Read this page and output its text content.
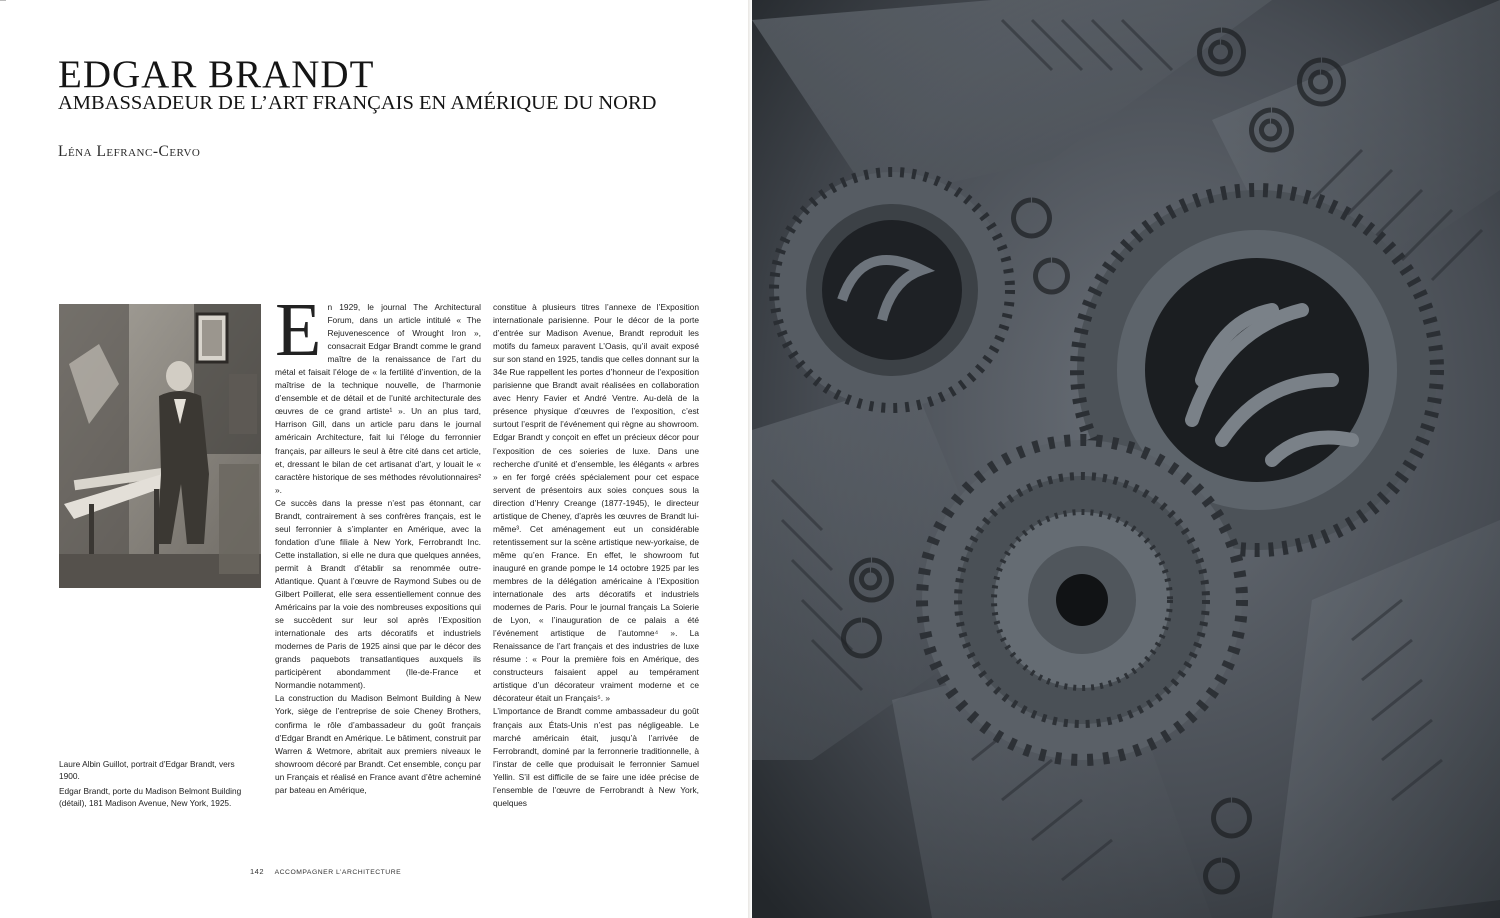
EDGAR BRANDT
AMBASSADEUR DE L’ART FRANÇAIS EN AMÉRIQUE DU NORD
Léna Lefranc-Cervo

Laure Albin Guillot, portrait d’Edgar Brandt, vers 1900.

Edgar Brandt, porte du Madison Belmont Building (détail), 181 Madison Avenue, New York, 1925.

E n 1929, le journal The Architectural Forum, dans un article intitulé « The Rejuvenescence of Wrought Iron », consacrait Edgar Brandt comme le grand maître de la renaissance de l’art du métal et faisait l’éloge de « la fertilité d’invention, de la maîtrise de la technique nouvelle, de l’harmonie d’ensemble et de détail et de l’unité architecturale des œuvres de ce grand artiste¹ ». Un an plus tard, Harrison Gill, dans un article paru dans le journal américain Architecture, fait lui l’éloge du ferronnier français, par ailleurs le seul à être cité dans cet article, et, dressant le bilan de cet artisanat d’art, y louait le « caractère historique de ses méthodes révolutionnaires² ».

Ce succès dans la presse n’est pas étonnant, car Brandt, contrairement à ses confrères français, est le seul ferronnier à s’implanter en Amérique, avec la fondation d’une filiale à New York, Ferrobrandt Inc. Cette installation, si elle ne dura que quelques années, permit à Brandt d’établir sa renommée outre-Atlantique. Quant à l’œuvre de Raymond Subes ou de Gilbert Poillerat, elle sera essentiellement connue des Américains par la voie des nombreuses expositions qui se succèdent sur leur sol après l’Exposition internationale des arts décoratifs et industriels modernes de Paris de 1925 ainsi que par le décor des grands paquebots transatlantiques auxquels ils participèrent abondamment (Ile-de-France et Normandie notamment).

La construction du Madison Belmont Building à New York, siège de l’entreprise de soie Cheney Brothers, confirma le rôle d’ambassadeur du goût français d’Edgar Brandt en Amérique. Le bâtiment, construit par Warren & Wetmore, abritait aux premiers niveaux le showroom décoré par Brandt. Cet ensemble, conçu par un Français et réalisé en France avant d’être acheminé par bateau en Amérique,

constitue à plusieurs titres l’annexe de l’Exposition internationale parisienne. Pour le décor de la porte d’entrée sur Madison Avenue, Brandt reproduit les motifs du fameux paravent L’Oasis, qu’il avait exposé sur son stand en 1925, tandis que celles donnant sur la 34e Rue rappellent les portes d’honneur de l’exposition parisienne que Brandt avait réalisées en collaboration avec Henry Favier et André Ventre. Au-delà de la présence physique d’œuvres de l’exposition, c’est surtout l’esprit de l’événement qui règne au showroom. Edgar Brandt y conçoit en effet un précieux décor pour l’exposition de ces soieries de luxe. Dans une recherche d’unité et d’ensemble, les élégants « arbres » en fer forgé créés spécialement pour cet espace servent de présentoirs aux soies conçues sous la direction d’Henry Creange (1877-1945), le directeur artistique de Cheney, d’après les œuvres de Brandt lui-même³. Cet aménagement eut un considérable retentissement sur la scène artistique new-yorkaise, de même qu’en France. En effet, le showroom fut inauguré en grande pompe le 14 octobre 1925 par les membres de la délégation américaine à l’Exposition internationale des arts décoratifs et industriels modernes de Paris. Pour le journal français La Soierie de Lyon, « l’inauguration de ce palais a été l’événement artistique de l’automne⁴ ». La Renaissance de l’art français et des industries de luxe résume : « Pour la première fois en Amérique, des constructeurs faisaient appel au tempérament artistique d’un décorateur vraiment moderne et ce décorateur était un Français⁵. »

L’importance de Brandt comme ambassadeur du goût français aux États-Unis n’est pas négligeable. Le marché américain était, jusqu’à l’arrivée de Ferrobrandt, dominé par la ferronnerie traditionnelle, à l’instar de celle que produisait le ferronnier Samuel Yellin. S’il est difficile de se faire une idée précise de l’ensemble de l’œuvre de Ferrobrandt à New York, quelques

142 ACCOMPAGNER L’ARCHITECTURE
